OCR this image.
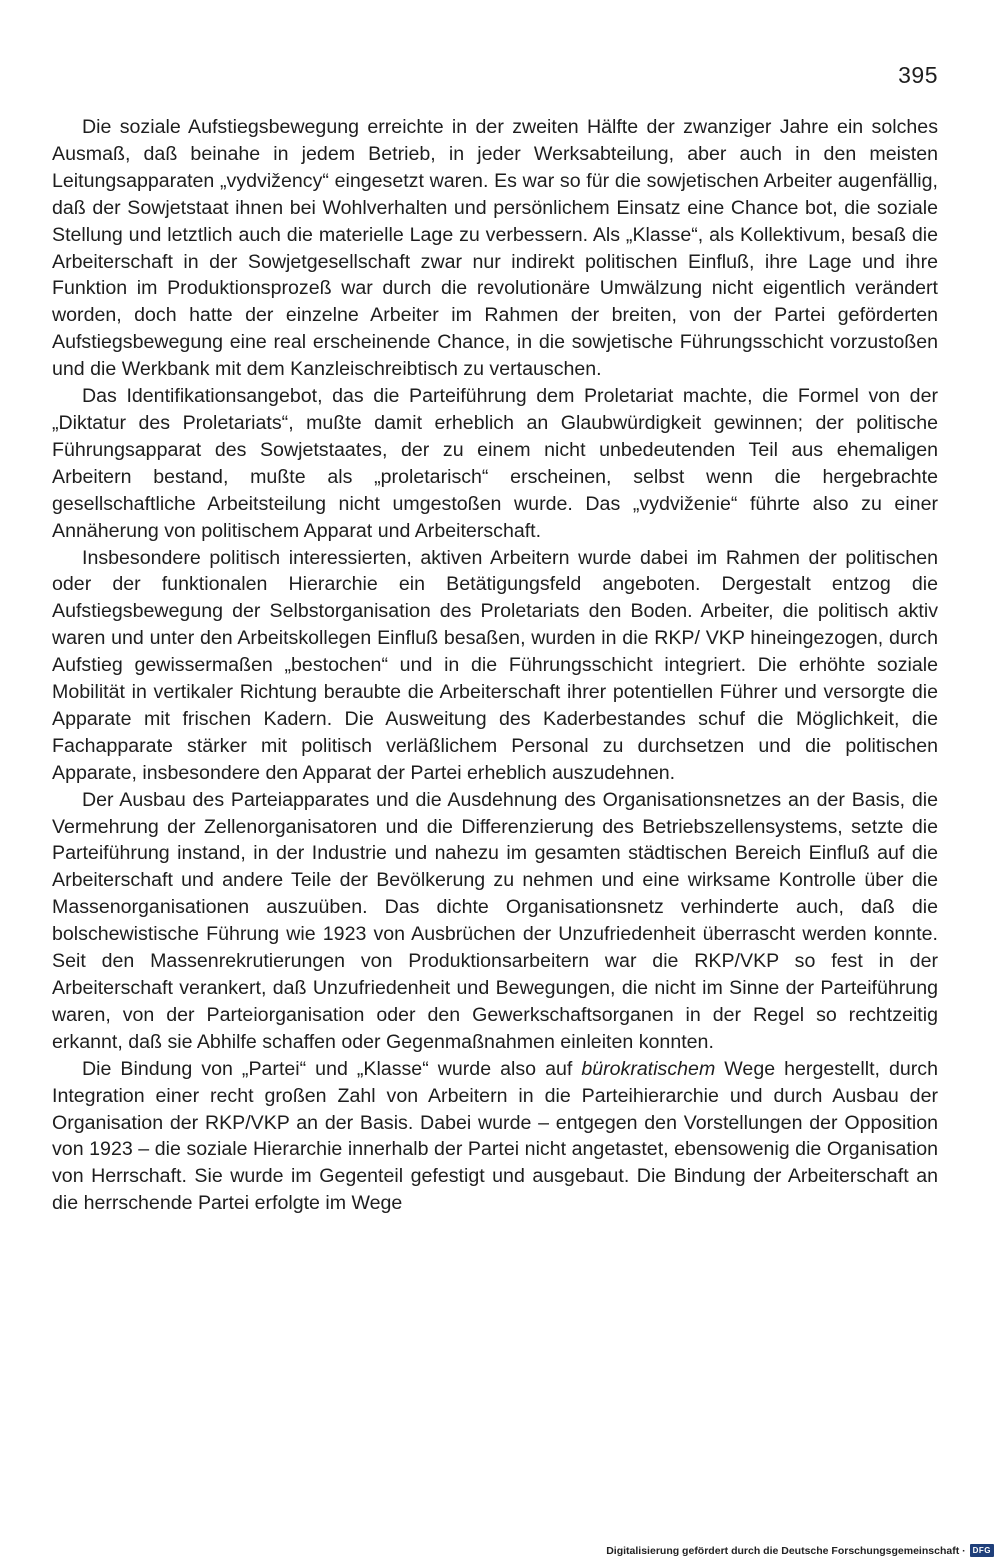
395

Die soziale Aufstiegsbewegung erreichte in der zweiten Hälfte der zwanziger Jahre ein solches Ausmaß, daß beinahe in jedem Betrieb, in jeder Werksabteilung, aber auch in den meisten Leitungsapparaten „vydvižency“ eingesetzt waren. Es war so für die sowjetischen Arbeiter augenfällig, daß der Sowjetstaat ihnen bei Wohlverhalten und persönlichem Einsatz eine Chance bot, die soziale Stellung und letztlich auch die materielle Lage zu verbessern. Als „Klasse“, als Kollektivum, besaß die Arbeiterschaft in der Sowjetgesellschaft zwar nur indirekt politischen Einfluß, ihre Lage und ihre Funktion im Produktionsprozeß war durch die revolutionäre Umwälzung nicht eigentlich verändert worden, doch hatte der einzelne Arbeiter im Rahmen der breiten, von der Partei geförderten Aufstiegsbewegung eine real erscheinende Chance, in die sowjetische Führungsschicht vorzustoßen und die Werkbank mit dem Kanzleischreibtisch zu vertauschen.

Das Identifikationsangebot, das die Parteiführung dem Proletariat machte, die Formel von der „Diktatur des Proletariats“, mußte damit erheblich an Glaubwürdigkeit gewinnen; der politische Führungsapparat des Sowjetstaates, der zu einem nicht unbedeutenden Teil aus ehemaligen Arbeitern bestand, mußte als „proletarisch“ erscheinen, selbst wenn die hergebrachte gesellschaftliche Arbeitsteilung nicht umgestoßen wurde. Das „vydviženie“ führte also zu einer Annäherung von politischem Apparat und Arbeiterschaft.

Insbesondere politisch interessierten, aktiven Arbeitern wurde dabei im Rahmen der politischen oder der funktionalen Hierarchie ein Betätigungsfeld angeboten. Dergestalt entzog die Aufstiegsbewegung der Selbstorganisation des Proletariats den Boden. Arbeiter, die politisch aktiv waren und unter den Arbeitskollegen Einfluß besaßen, wurden in die RKP/ VKP hineingezogen, durch Aufstieg gewissermaßen „bestochen“ und in die Führungsschicht integriert. Die erhöhte soziale Mobilität in vertikaler Richtung beraubte die Arbeiterschaft ihrer potentiellen Führer und versorgte die Apparate mit frischen Kadern. Die Ausweitung des Kaderbestandes schuf die Möglichkeit, die Fachapparate stärker mit politisch verläßlichem Personal zu durchsetzen und die politischen Apparate, insbesondere den Apparat der Partei erheblich auszudehnen.

Der Ausbau des Parteiapparates und die Ausdehnung des Organisationsnetzes an der Basis, die Vermehrung der Zellenorganisatoren und die Differenzierung des Betriebszellensystems, setzte die Parteiführung instand, in der Industrie und nahezu im gesamten städtischen Bereich Einfluß auf die Arbeiterschaft und andere Teile der Bevölkerung zu nehmen und eine wirksame Kontrolle über die Massenorganisationen auszuüben. Das dichte Organisationsnetz verhinderte auch, daß die bolschewistische Führung wie 1923 von Ausbrüchen der Unzufriedenheit überrascht werden konnte. Seit den Massenrekrutierungen von Produktionsarbeitern war die RKP/VKP so fest in der Arbeiterschaft verankert, daß Unzufriedenheit und Bewegungen, die nicht im Sinne der Parteiführung waren, von der Parteiorganisation oder den Gewerkschaftsorganen in der Regel so rechtzeitig erkannt, daß sie Abhilfe schaffen oder Gegenmaßnahmen einleiten konnten.

Die Bindung von „Partei“ und „Klasse“ wurde also auf bürokratischem Wege hergestellt, durch Integration einer recht großen Zahl von Arbeitern in die Parteihierarchie und durch Ausbau der Organisation der RKP/VKP an der Basis. Dabei wurde – entgegen den Vorstellungen der Opposition von 1923 – die soziale Hierarchie innerhalb der Partei nicht angetastet, ebensowenig die Organisation von Herrschaft. Sie wurde im Gegenteil gefestigt und ausgebaut. Die Bindung der Arbeiterschaft an die herrschende Partei erfolgte im Wege

Digitalisierung gefördert durch die Deutsche Forschungsgemeinschaft · DFG
